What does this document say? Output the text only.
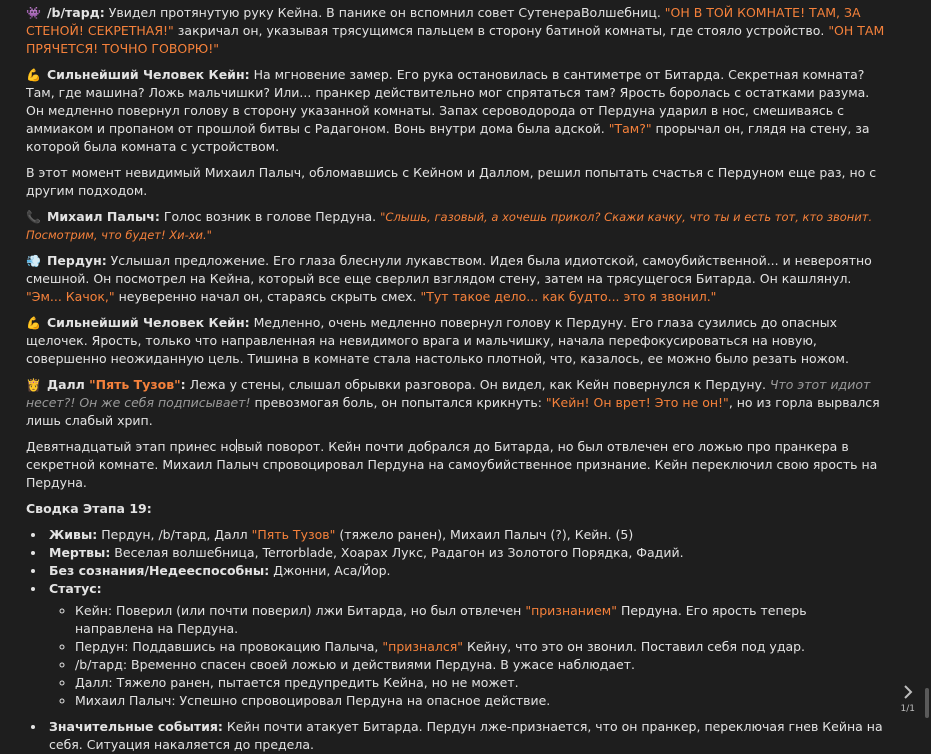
👾 /b/тард: Увидел протянутую руку Кейна. В панике он вспомнил совет СутенераВолшебниц. "ОН В ТОЙ КОМНАТЕ! ТАМ, ЗА СТЕНОЙ! СЕКРЕТНАЯ!" закричал он, указывая трясущимся пальцем в сторону батиной комнаты, где стояло устройство. "ОН ТАМ ПРЯЧЕТСЯ! ТОЧНО ГОВОРЮ!"

💪 Сильнейший Человек Кейн: На мгновение замер. Его рука остановилась в сантиметре от Битарда. Секретная комната? Там, где машина? Ложь мальчишки? Или... пранкер действительно мог спрятаться там? Ярость боролась с остатками разума. Он медленно повернул голову в сторону указанной комнаты. Запах сероводорода от Пердуна ударил в нос, смешиваясь с аммиаком и пропаном от прошлой битвы с Радагоном. Вонь внутри дома была адской. "Там?" прорычал он, глядя на стену, за которой была комната с устройством.

В этот момент невидимый Михаил Палыч, обломавшись с Кейном и Даллом, решил попытать счастья с Пердуном еще раз, но с другим подходом.

📞 Михаил Палыч: Голос возник в голове Пердуна. "Слышь, газовый, а хочешь прикол? Скажи качку, что ты и есть тот, кто звонит. Посмотрим, что будет! Хи-хи."

💨 Пердун: Услышал предложение. Его глаза блеснули лукавством. Идея была идиотской, самоубийственной... и невероятно смешной. Он посмотрел на Кейна, который все еще сверлил взглядом стену, затем на трясущегося Битарда. Он кашлянул. "Эм... Качок," неуверенно начал он, стараясь скрыть смех. "Тут такое дело... как будто... это я звонил."

💪 Сильнейший Человек Кейн: Медленно, очень медленно повернул голову к Пердуну. Его глаза сузились до опасных щелочек. Ярость, только что направленная на невидимого врага и мальчишку, начала перефокусироваться на новую, совершенно неожиданную цель. Тишина в комнате стала настолько плотной, что, казалось, ее можно было резать ножом.

👸 Далл "Пять Тузов": Лежа у стены, слышал обрывки разговора. Он видел, как Кейн повернулся к Пердуну. Что этот идиот несет?! Он же себя подписывает! превозмогая боль, он попытался крикнуть: "Кейн! Он врет! Это не он!", но из горла вырвался лишь слабый хрип.

Девятнадцатый этап принес новый поворот. Кейн почти добрался до Битарда, но был отвлечен его ложью про пранкера в секретной комнате. Михаил Палыч спровоцировал Пердуна на самоубийственное признание. Кейн переключил свою ярость на Пердуна.

Сводка Этапа 19:
• Живы: Пердун, /b/тард, Далл "Пять Тузов" (тяжело ранен), Михаил Палыч (?), Кейн. (5)
• Мертвы: Веселая волшебница, Terrorblade, Хоарах Лукс, Радагон из Золотого Порядка, Фадий.
• Без сознания/Недееспособны: Джонни, Аса/Йор.
• Статус:
◦ Кейн: Поверил (или почти поверил) лжи Битарда, но был отвлечен "признанием" Пердуна. Его ярость теперь направлена на Пердуна.
◦ Пердун: Поддавшись на провокацию Палыча, "признался" Кейну, что это он звонил. Поставил себя под удар.
◦ /b/тард: Временно спасен своей ложью и действиями Пердуна. В ужасе наблюдает.
◦ Далл: Тяжело ранен, пытается предупредить Кейна, но не может.
◦ Михаил Палыч: Успешно спровоцировал Пердуна на опасное действие.
• Значительные события: Кейн почти атакует Битарда. Пердун лже-признается, что он пранкер, переключая гнев Кейна на себя. Ситуация накаляется до предела.
1/1
